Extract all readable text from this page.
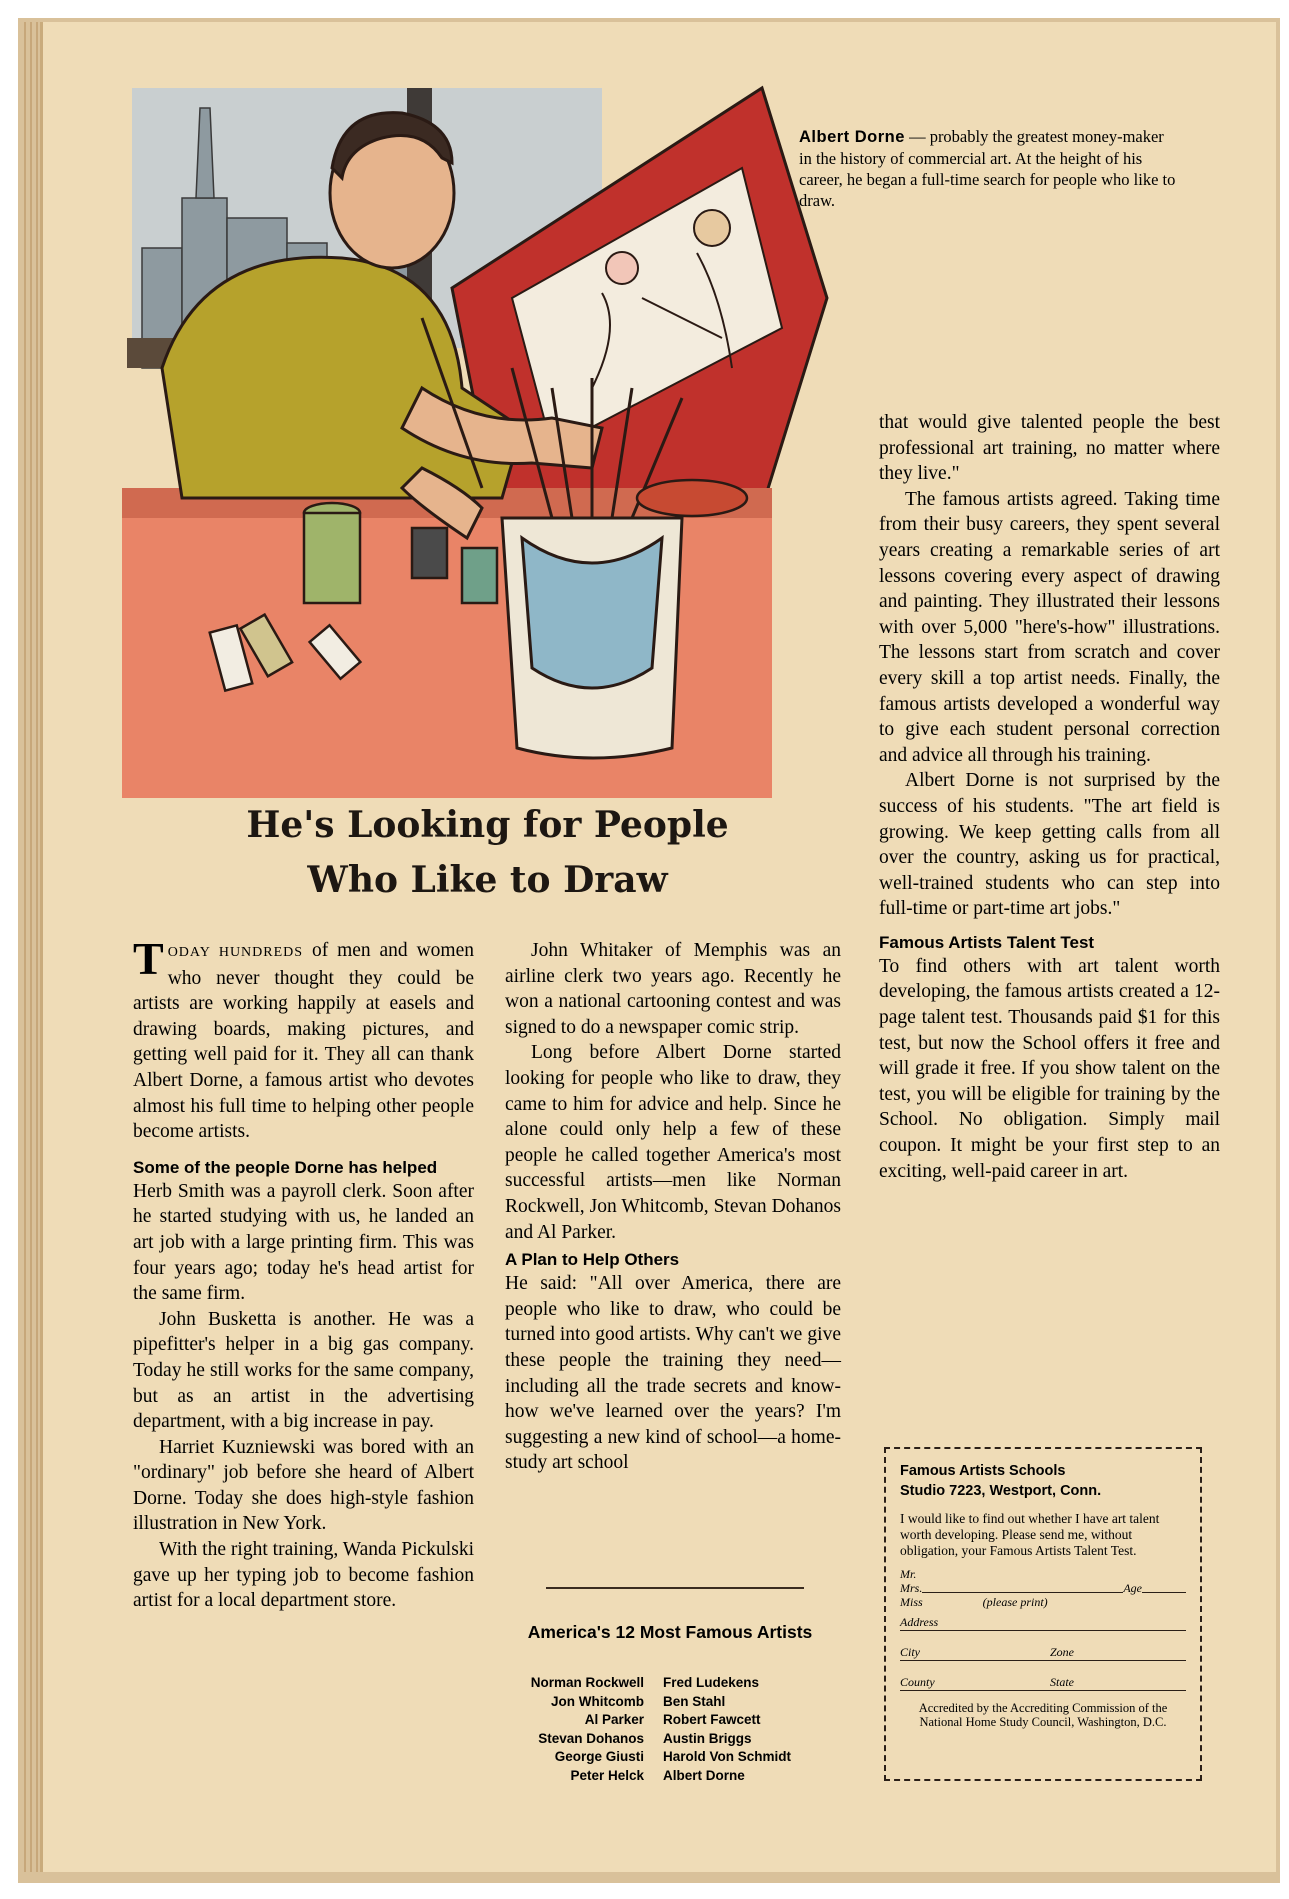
Albert Dorne — probably the greatest money-maker in the history of commercial art. At the height of his career, he began a full-time search for people who like to draw.
He's Looking for People
Who Like to Draw

TODAY HUNDREDS of men and women who never thought they could be artists are working happily at easels and drawing boards, making pictures, and getting well paid for it. They all can thank Albert Dorne, a famous artist who devotes almost his full time to helping other people become artists.

Some of the people Dorne has helped

Herb Smith was a payroll clerk. Soon after he started studying with us, he landed an art job with a large printing firm. This was four years ago; today he's head artist for the same firm.

John Busketta is another. He was a pipefitter's helper in a big gas company. Today he still works for the same company, but as an artist in the advertising department, with a big increase in pay.

Harriet Kuzniewski was bored with an "ordinary" job before she heard of Albert Dorne. Today she does high-style fashion illustration in New York.

With the right training, Wanda Pickulski gave up her typing job to become fashion artist for a local department store.

John Whitaker of Memphis was an airline clerk two years ago. Recently he won a national cartooning contest and was signed to do a newspaper comic strip.

Long before Albert Dorne started looking for people who like to draw, they came to him for advice and help. Since he alone could only help a few of these people he called together America's most successful artists—men like Norman Rockwell, Jon Whitcomb, Stevan Dohanos and Al Parker.

A Plan to Help Others

He said: "All over America, there are people who like to draw, who could be turned into good artists. Why can't we give these people the training they need—including all the trade secrets and know-how we've learned over the years? I'm suggesting a new kind of school—a home-study art school

America's 12 Most Famous Artists
Norman Rockwell
Jon Whitcomb
Al Parker
Stevan Dohanos
George Giusti
Peter Helck
Fred Ludekens
Ben Stahl
Robert Fawcett
Austin Briggs
Harold Von Schmidt
Albert Dorne

that would give talented people the best professional art training, no matter where they live."

The famous artists agreed. Taking time from their busy careers, they spent several years creating a remarkable series of art lessons covering every aspect of drawing and painting. They illustrated their lessons with over 5,000 "here's-how" illustrations. The lessons start from scratch and cover every skill a top artist needs. Finally, the famous artists developed a wonderful way to give each student personal correction and advice all through his training.

Albert Dorne is not surprised by the success of his students. "The art field is growing. We keep getting calls from all over the country, asking us for practical, well-trained students who can step into full-time or part-time art jobs."

Famous Artists Talent Test

To find others with art talent worth developing, the famous artists created a 12-page talent test. Thousands paid $1 for this test, but now the School offers it free and will grade it free. If you show talent on the test, you will be eligible for training by the School. No obligation. Simply mail coupon. It might be your first step to an exciting, well-paid career in art.

Famous Artists Schools
Studio 7223, Westport, Conn.
I would like to find out whether I have art talent worth developing. Please send me, without obligation, your Famous Artists Talent Test.
Mr.
Mrs.	Age
Miss	(please print)
Address
City	Zone
County	State
Accredited by the Accrediting Commission of the National Home Study Council, Washington, D.C.
